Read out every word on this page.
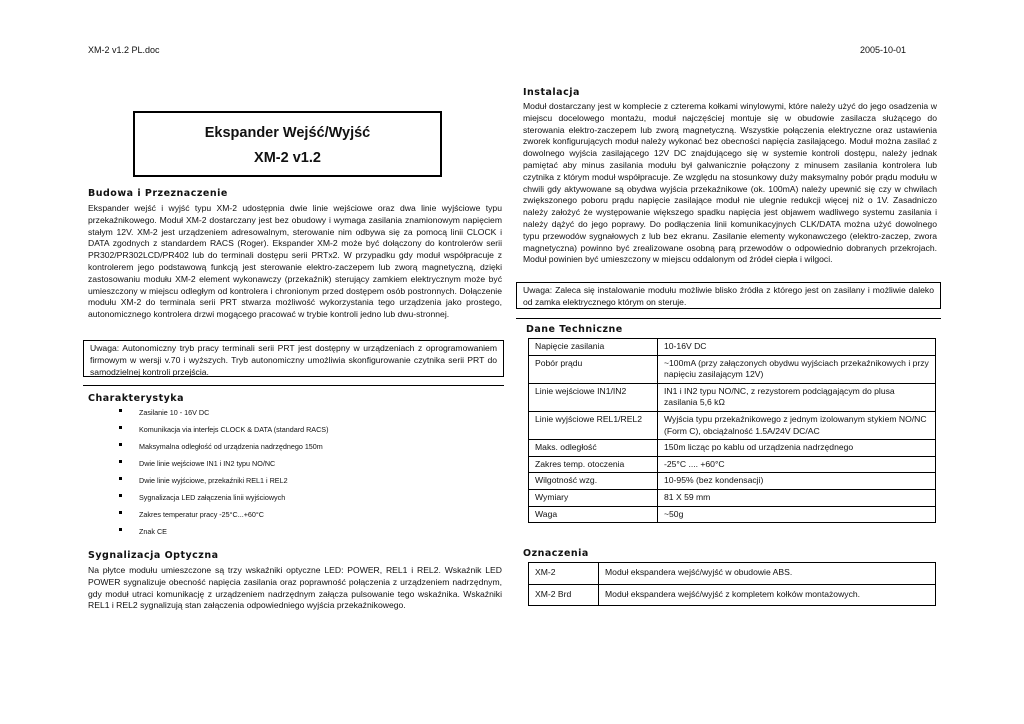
XM-2 v1.2 PL.doc	2005-10-01
Ekspander Wejść/Wyjść
XM-2 v1.2
Budowa i Przeznaczenie

Ekspander wejść i wyjść typu XM-2 udostępnia dwie linie wejściowe oraz dwa linie wyjściowe typu przekaźnikowego. Moduł XM-2 dostarczany jest bez obudowy i wymaga zasilania znamionowym napięciem stałym 12V. XM-2 jest urządzeniem adresowalnym, sterowanie nim odbywa się za pomocą linii CLOCK i DATA zgodnych z standardem RACS (Roger). Ekspander XM-2 może być dołączony do kontrolerów serii PR302/PR302LCD/PR402 lub do terminali dostępu serii PRTx2. W przypadku gdy moduł współpracuje z kontrolerem jego podstawową funkcją jest sterowanie elektro-zaczepem lub zworą magnetyczną, dzięki zastosowaniu modułu XM-2 element wykonawczy (przekaźnik) sterujący zamkiem elektrycznym może być umieszczony w miejscu odległym od kontrolera i chronionym przed dostępem osób postronnych. Dołączenie modułu XM-2 do terminala serii PRT stwarza możliwość wykorzystania tego urządzenia jako prostego, autonomicznego kontrolera drzwi mogącego pracować w trybie kontroli jedno lub dwu-stronnej.

Uwaga: Autonomiczny tryb pracy terminali serii PRT jest dostępny w urządzeniach z oprogramowaniem firmowym w wersji v.70 i wyższych. Tryb autonomiczny umożliwia skonfigurowanie czytnika serii PRT do samodzielnej kontroli przejścia.
Charakterystyka
Zasilanie 10 - 16V DC
Komunikacja via interfejs CLOCK & DATA (standard RACS)
Maksymalna odległość od urządzenia nadrzędnego 150m
Dwie linie wejściowe IN1 i IN2 typu NO/NC
Dwie linie wyjściowe, przekaźniki REL1 i REL2
Sygnalizacja LED załączenia linii wyjściowych
Zakres temperatur pracy -25°C...+60°C
Znak CE
Sygnalizacja Optyczna

Na płytce modułu umieszczone są trzy wskaźniki optyczne LED: POWER, REL1 i REL2. Wskaźnik LED POWER sygnalizuje obecność napięcia zasilania oraz poprawność połączenia z urządzeniem nadrzędnym, gdy moduł utraci komunikację z urządzeniem nadrzędnym załącza pulsowanie tego wskaźnika. Wskaźniki REL1 i REL2 sygnalizują stan załączenia odpowiedniego wyjścia przekaźnikowego.

Instalacja

Moduł dostarczany jest w komplecie z czterema kołkami winylowymi, które należy użyć do jego osadzenia w miejscu docelowego montażu, moduł najczęściej montuje się w obudowie zasilacza służącego do sterowania elektro-zaczepem lub zworą magnetyczną. Wszystkie połączenia elektryczne oraz ustawienia zworek konfigurujących moduł należy wykonać bez obecności napięcia zasilającego. Moduł można zasilać z dowolnego wyjścia zasilającego 12V DC znajdującego się w systemie kontroli dostępu, należy jednak pamiętać aby minus zasilania modułu był galwanicznie połączony z minusem zasilania kontrolera lub czytnika z którym moduł współpracuje. Ze względu na stosunkowy duży maksymalny pobór prądu modułu w chwili gdy aktywowane są obydwa wyjścia przekaźnikowe (ok. 100mA) należy upewnić się czy w chwilach zwiększonego poboru prądu napięcie zasilające moduł nie ulegnie redukcji więcej niż o 1V. Zasadniczo należy założyć że występowanie większego spadku napięcia jest objawem wadliwego systemu zasilania i należy dążyć do jego poprawy. Do podłączenia linii komunikacyjnych CLK/DATA można użyć dowolnego typu przewodów sygnałowych z lub bez ekranu. Zasilanie elementy wykonawczego (elektro-zaczep, zwora magnetyczna) powinno być zrealizowane osobną parą przewodów o odpowiednio dobranych przekrojach. Moduł powinien być umieszczony w miejscu oddalonym od źródeł ciepła i wilgoci.

Uwaga: Zaleca się instalowanie modułu możliwie blisko źródła z którego jest on zasilany i możliwie daleko od zamka elektrycznego którym on steruje.
Dane Techniczne
Napięcie zasilania	10-16V DC
Pobór prądu	~100mA (przy załączonych obydwu wyjściach przekaźnikowych i przy napięciu zasilającym 12V)
Linie wejściowe IN1/IN2	IN1 i IN2 typu NO/NC, z rezystorem podciągającym do plusa zasilania 5,6 kΩ
Linie wyjściowe REL1/REL2	Wyjścia typu przekaźnikowego z jednym izolowanym stykiem NO/NC (Form C), obciążalność 1.5A/24V DC/AC
Maks. odległość	150m licząc po kablu od urządzenia nadrzędnego
Zakres temp. otoczenia	-25°C .... +60°C
Wilgotność wzg.	10-95% (bez kondensacji)
Wymiary	81 X 59 mm
Waga	~50g
Oznaczenia
XM-2	Moduł ekspandera wejść/wyjść w obudowie ABS.
XM-2 Brd	Moduł ekspandera wejść/wyjść z kompletem kołków montażowych.
